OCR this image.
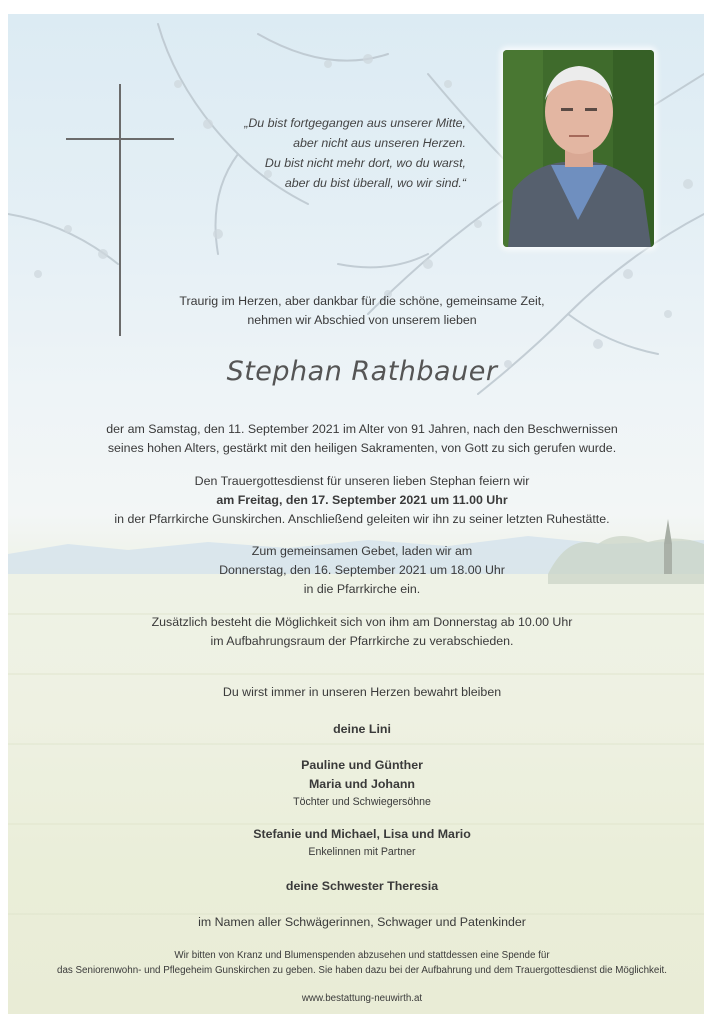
„Du bist fortgegangen aus unserer Mitte,
aber nicht aus unseren Herzen.
Du bist nicht mehr dort, wo du warst,
aber du bist überall, wo wir sind.“
Traurig im Herzen, aber dankbar für die schöne, gemeinsame Zeit,
nehmen wir Abschied von unserem lieben
Stephan Rathbauer
der am Samstag, den 11. September 2021 im Alter von 91 Jahren, nach den Beschwernissen
seines hohen Alters, gestärkt mit den heiligen Sakramenten, von Gott zu sich gerufen wurde.
Den Trauergottesdienst für unseren lieben Stephan feiern wir
am Freitag, den 17. September 2021 um 11.00 Uhr
in der Pfarrkirche Gunskirchen. Anschließend geleiten wir ihn zu seiner letzten Ruhestätte.
Zum gemeinsamen Gebet, laden wir am
Donnerstag, den 16. September 2021 um 18.00 Uhr
in die Pfarrkirche ein.
Zusätzlich besteht die Möglichkeit sich von ihm am Donnerstag ab 10.00 Uhr
im Aufbahrungsraum der Pfarrkirche zu verabschieden.
Du wirst immer in unseren Herzen bewahrt bleiben
deine Lini
Pauline und Günther
Maria und Johann
Töchter und Schwiegersöhne
Stefanie und Michael, Lisa und Mario
Enkelinnen mit Partner
deine Schwester Theresia
im Namen aller Schwägerinnen, Schwager und Patenkinder
Wir bitten von Kranz und Blumenspenden abzusehen und stattdessen eine Spende für
das Seniorenwohn- und Pflegeheim Gunskirchen zu geben. Sie haben dazu bei der Aufbahrung und dem Trauergottesdienst die Möglichkeit.
www.bestattung-neuwirth.at
